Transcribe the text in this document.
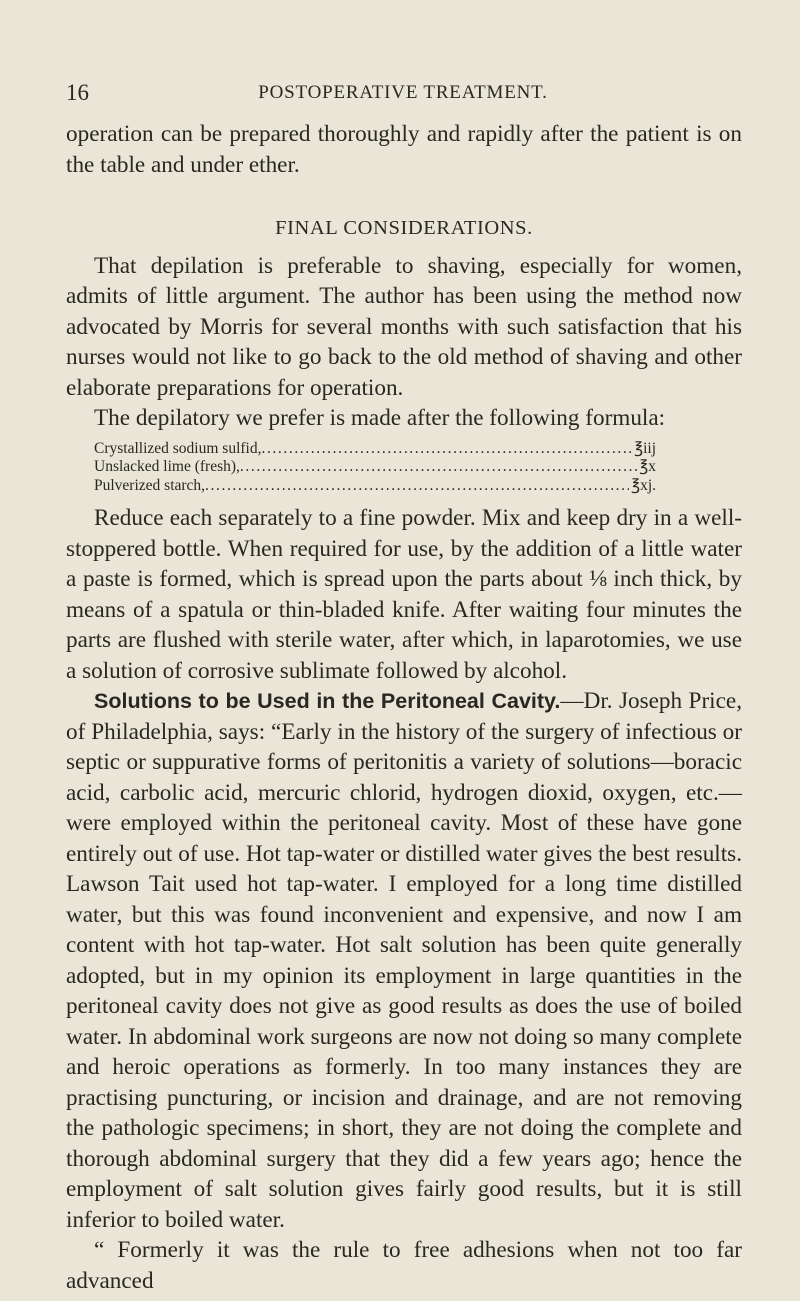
16	POSTOPERATIVE TREATMENT.

operation can be prepared thoroughly and rapidly after the patient is on the table and under ether.

FINAL CONSIDERATIONS.

That depilation is preferable to shaving, especially for women, admits of little argument. The author has been using the method now advocated by Morris for several months with such satisfaction that his nurses would not like to go back to the old method of shaving and other elaborate preparations for operation.

The depilatory we prefer is made after the following formula:

Crystallized sodium sulfid, .....	℥iij
Unslacked lime (fresh), .....	℥x
Pulverized starch, .....	℥xj.

Reduce each separately to a fine powder. Mix and keep dry in a well-stoppered bottle. When required for use, by the addition of a little water a paste is formed, which is spread upon the parts about ⅛ inch thick, by means of a spatula or thin-bladed knife. After waiting four minutes the parts are flushed with sterile water, after which, in laparotomies, we use a solution of corrosive sublimate followed by alcohol.

Solutions to be Used in the Peritoneal Cavity.—Dr. Joseph Price, of Philadelphia, says: “Early in the history of the surgery of infectious or septic or suppurative forms of peritonitis a variety of solutions—boracic acid, carbolic acid, mercuric chlorid, hydrogen dioxid, oxygen, etc.—were employed within the peritoneal cavity. Most of these have gone entirely out of use. Hot tap-water or distilled water gives the best results. Lawson Tait used hot tap-water. I employed for a long time distilled water, but this was found inconvenient and expensive, and now I am content with hot tap-water. Hot salt solution has been quite generally adopted, but in my opinion its employment in large quantities in the peritoneal cavity does not give as good results as does the use of boiled water. In abdominal work surgeons are now not doing so many complete and heroic operations as formerly. In too many instances they are practising puncturing, or incision and drainage, and are not removing the pathologic specimens; in short, they are not doing the complete and thorough abdominal surgery that they did a few years ago; hence the employment of salt solution gives fairly good results, but it is still inferior to boiled water.

“ Formerly it was the rule to free adhesions when not too far advanced
